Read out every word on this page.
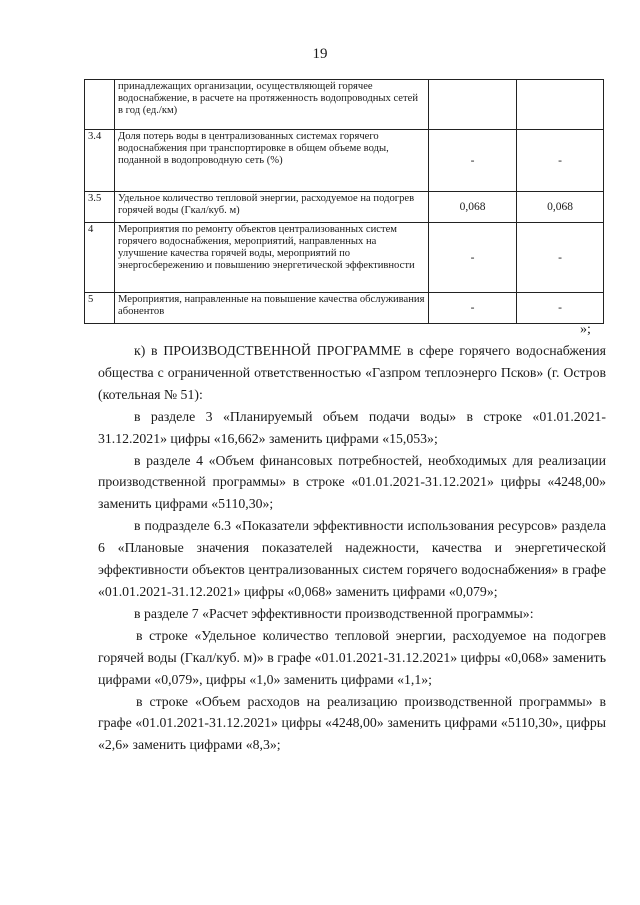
19
	принадлежащих организации, осуществляющей горячее водоснабжение, в расчете на протяженность водопроводных сетей в год (ед./км)		
3.4	Доля потерь воды в централизованных системах горячего водоснабжения при транспортировке в общем объеме воды, поданной в водопроводную сеть (%)	-	-
3.5	Удельное количество тепловой энергии, расходуемое на подогрев горячей воды (Гкал/куб. м)	0,068	0,068
4	Мероприятия по ремонту объектов централизованных систем горячего водоснабжения, мероприятий, направленных на улучшение качества горячей воды, мероприятий по энергосбережению и повышению энергетической эффективности	-	-
5	Мероприятия, направленные на повышение качества обслуживания абонентов	-	-
»;

к) в ПРОИЗВОДСТВЕННОЙ ПРОГРАММЕ в сфере горячего водоснабжения общества с ограниченной ответственностью «Газпром теплоэнерго Псков» (г. Остров (котельная № 51):

в разделе 3 «Планируемый объем подачи воды» в строке «01.01.2021-31.12.2021» цифры «16,662» заменить цифрами «15,053»;

в разделе 4 «Объем финансовых потребностей, необходимых для реализации производственной программы» в строке «01.01.2021-31.12.2021» цифры «4248,00» заменить цифрами «5110,30»;

в подразделе 6.3 «Показатели эффективности использования ресурсов» раздела 6 «Плановые значения показателей надежности, качества и энергетической эффективности объектов централизованных систем горячего водоснабжения» в графе «01.01.2021-31.12.2021» цифры «0,068» заменить цифрами «0,079»;

в разделе 7 «Расчет эффективности производственной программы»:

в строке «Удельное количество тепловой энергии, расходуемое на подогрев горячей воды (Гкал/куб. м)» в графе «01.01.2021-31.12.2021» цифры «0,068» заменить цифрами «0,079», цифры «1,0» заменить цифрами «1,1»;

в строке «Объем расходов на реализацию производственной программы» в графе «01.01.2021-31.12.2021» цифры «4248,00» заменить цифрами «5110,30», цифры «2,6» заменить цифрами «8,3»;
